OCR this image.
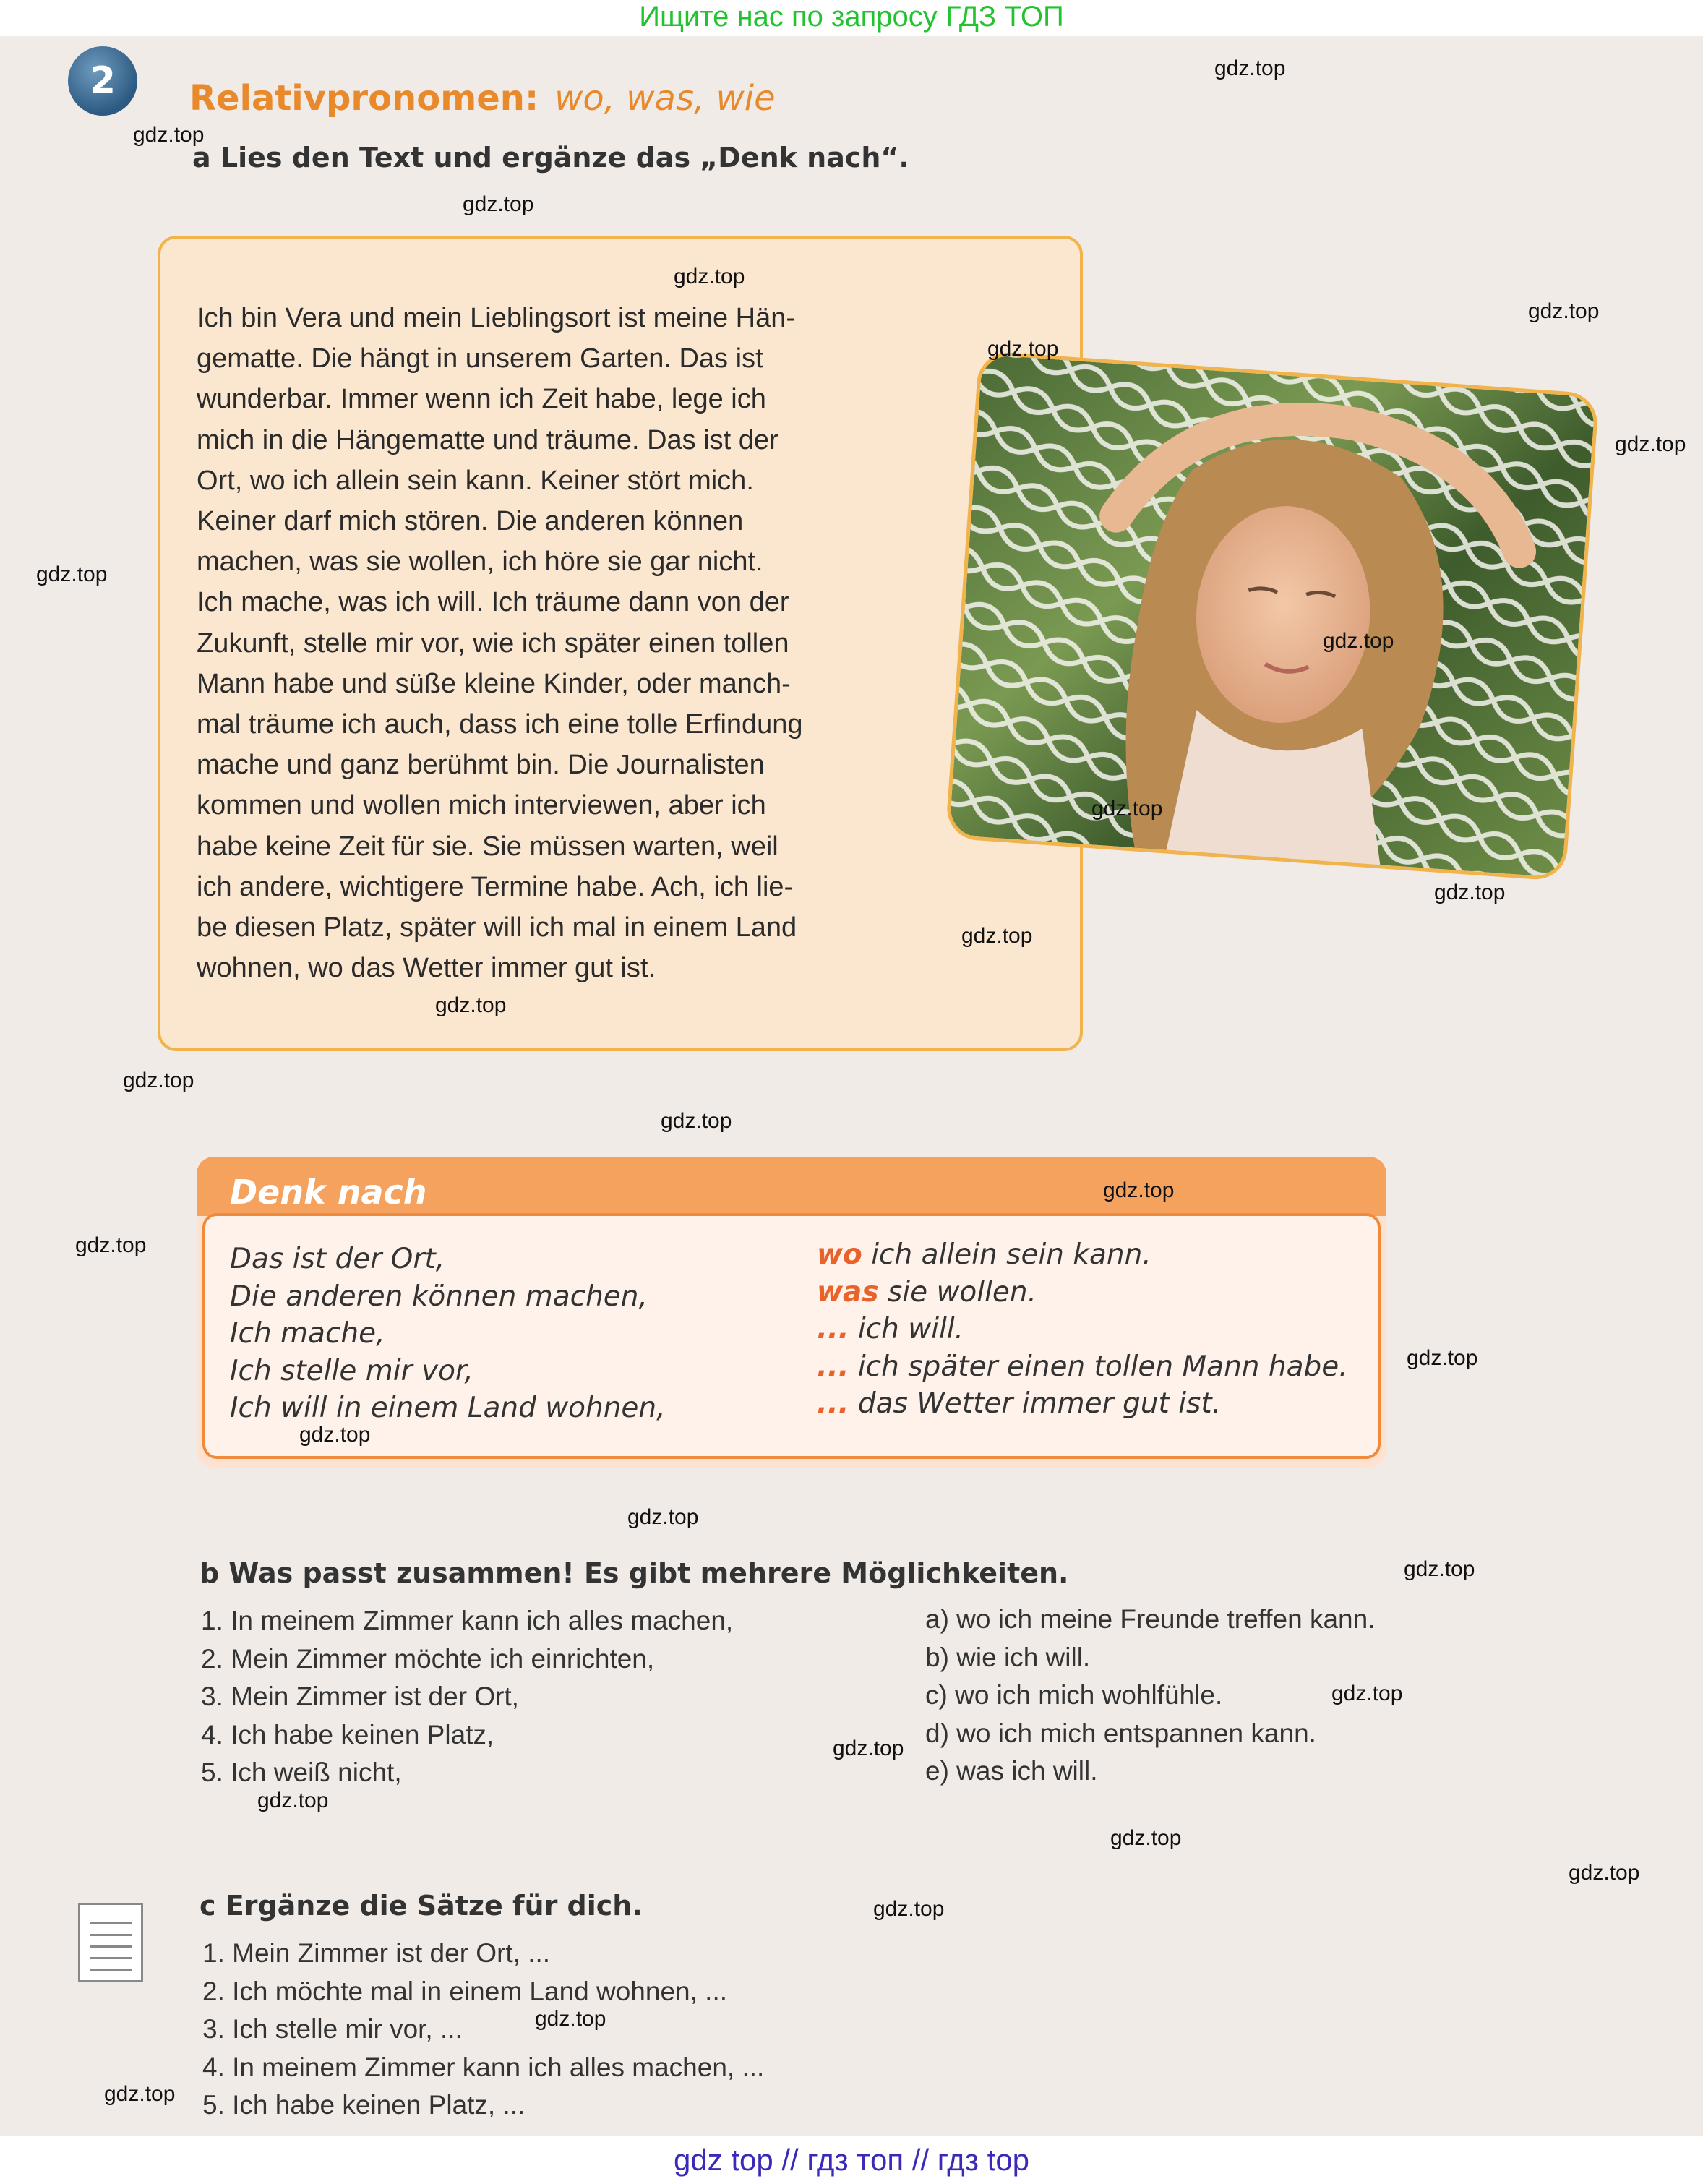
Ищите нас по запросу ГДЗ ТОП
2	Relativpronomen: wo, was, wie
a Lies den Text und ergänze das „Denk nach“.
Ich bin Vera und mein Lieblingsort ist meine Hän-
gematte. Die hängt in unserem Garten. Das ist
wunderbar. Immer wenn ich Zeit habe, lege ich
mich in die Hängematte und träume. Das ist der
Ort, wo ich allein sein kann. Keiner stört mich.
Keiner darf mich stören. Die anderen können
machen, was sie wollen, ich höre sie gar nicht.
Ich mache, was ich will. Ich träume dann von der
Zukunft, stelle mir vor, wie ich später einen tollen
Mann habe und süße kleine Kinder, oder manch-
mal träume ich auch, dass ich eine tolle Erfindung
mache und ganz berühmt bin. Die Journalisten
kommen und wollen mich interviewen, aber ich
habe keine Zeit für sie. Sie müssen warten, weil
ich andere, wichtigere Termine habe. Ach, ich lie-
be diesen Platz, später will ich mal in einem Land
wohnen, wo das Wetter immer gut ist.
Denk nach
Das ist der Ort,
Die anderen können machen,
Ich mache,
Ich stelle mir vor,
Ich will in einem Land wohnen,
wo ich allein sein kann.
was sie wollen.
... ich will.
... ich später einen tollen Mann habe.
... das Wetter immer gut ist.
b Was passt zusammen! Es gibt mehrere Möglichkeiten.
1. In meinem Zimmer kann ich alles machen,
2. Mein Zimmer möchte ich einrichten,
3. Mein Zimmer ist der Ort,
4. Ich habe keinen Platz,
5. Ich weiß nicht,
a) wo ich meine Freunde treffen kann.
b) wie ich will.
c) wo ich mich wohlfühle.
d) wo ich mich entspannen kann.
e) was ich will.
c Ergänze die Sätze für dich.
1. Mein Zimmer ist der Ort, ...
2. Ich möchte mal in einem Land wohnen, ...
3. Ich stelle mir vor, ...
4. In meinem Zimmer kann ich alles machen, ...
5. Ich habe keinen Platz, ...
gdz.top
gdz.top
gdz.top
gdz.top
gdz.top
gdz.top
gdz.top
gdz.top
gdz.top
gdz.top
gdz.top
gdz.top
gdz.top
gdz.top
gdz.top
gdz.top
gdz.top
gdz.top
gdz.top
gdz.top
gdz.top
gdz.top
gdz.top
gdz.top
gdz.top
gdz.top
gdz.top
gdz.top
gdz.top
gdz top // гдз топ // гдз top
